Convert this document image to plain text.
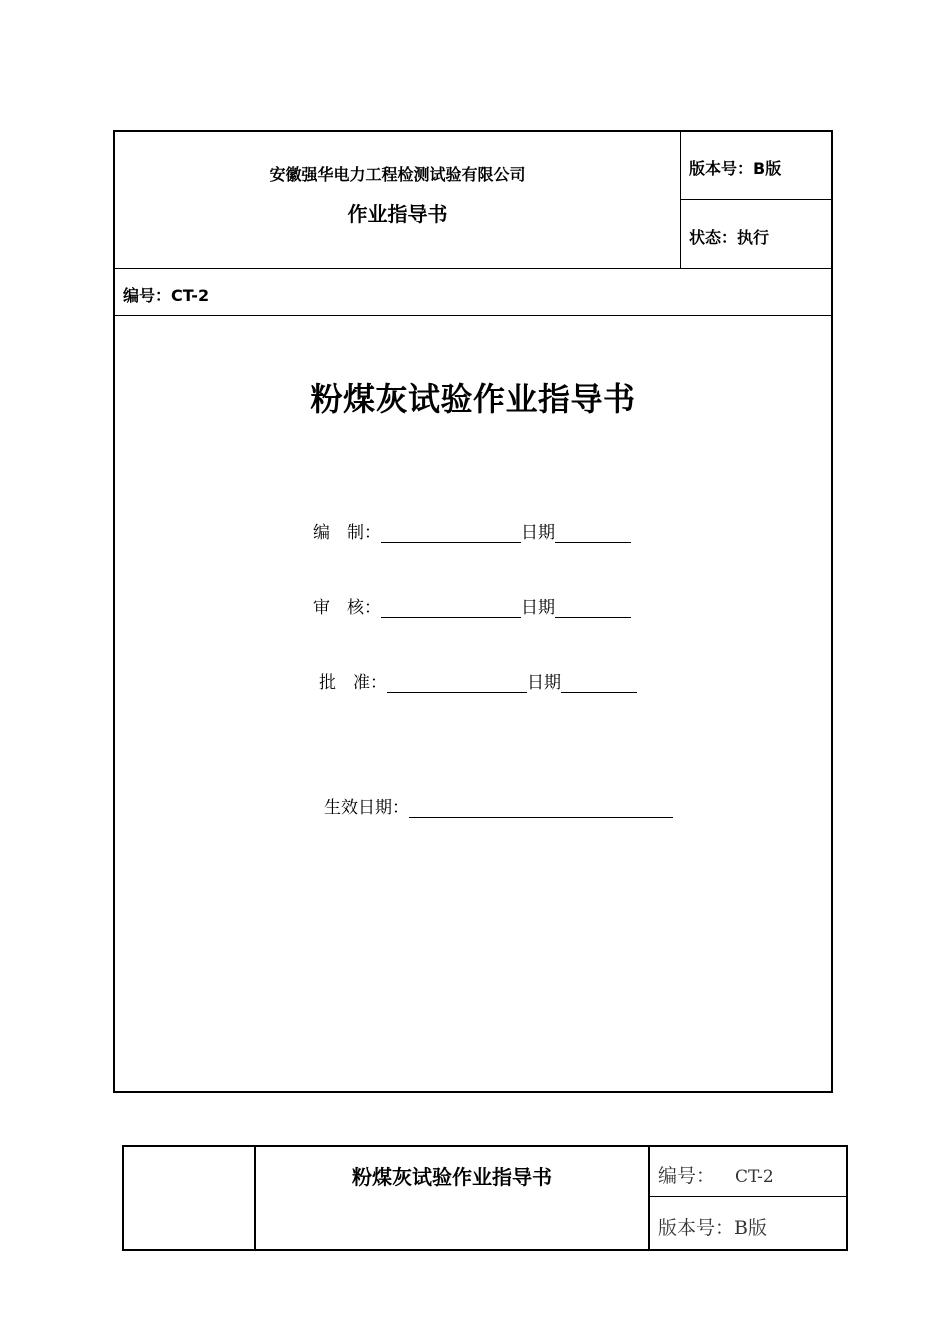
安徽强华电力工程检测试验有限公司
作业指导书
版本号：B版
状态：执行
编号：CT-2
粉煤灰试验作业指导书
编　制：	日期
审　核：	日期
批　准：	日期
生效日期：
粉煤灰试验作业指导书	编号： CT-2
版本号：B版
